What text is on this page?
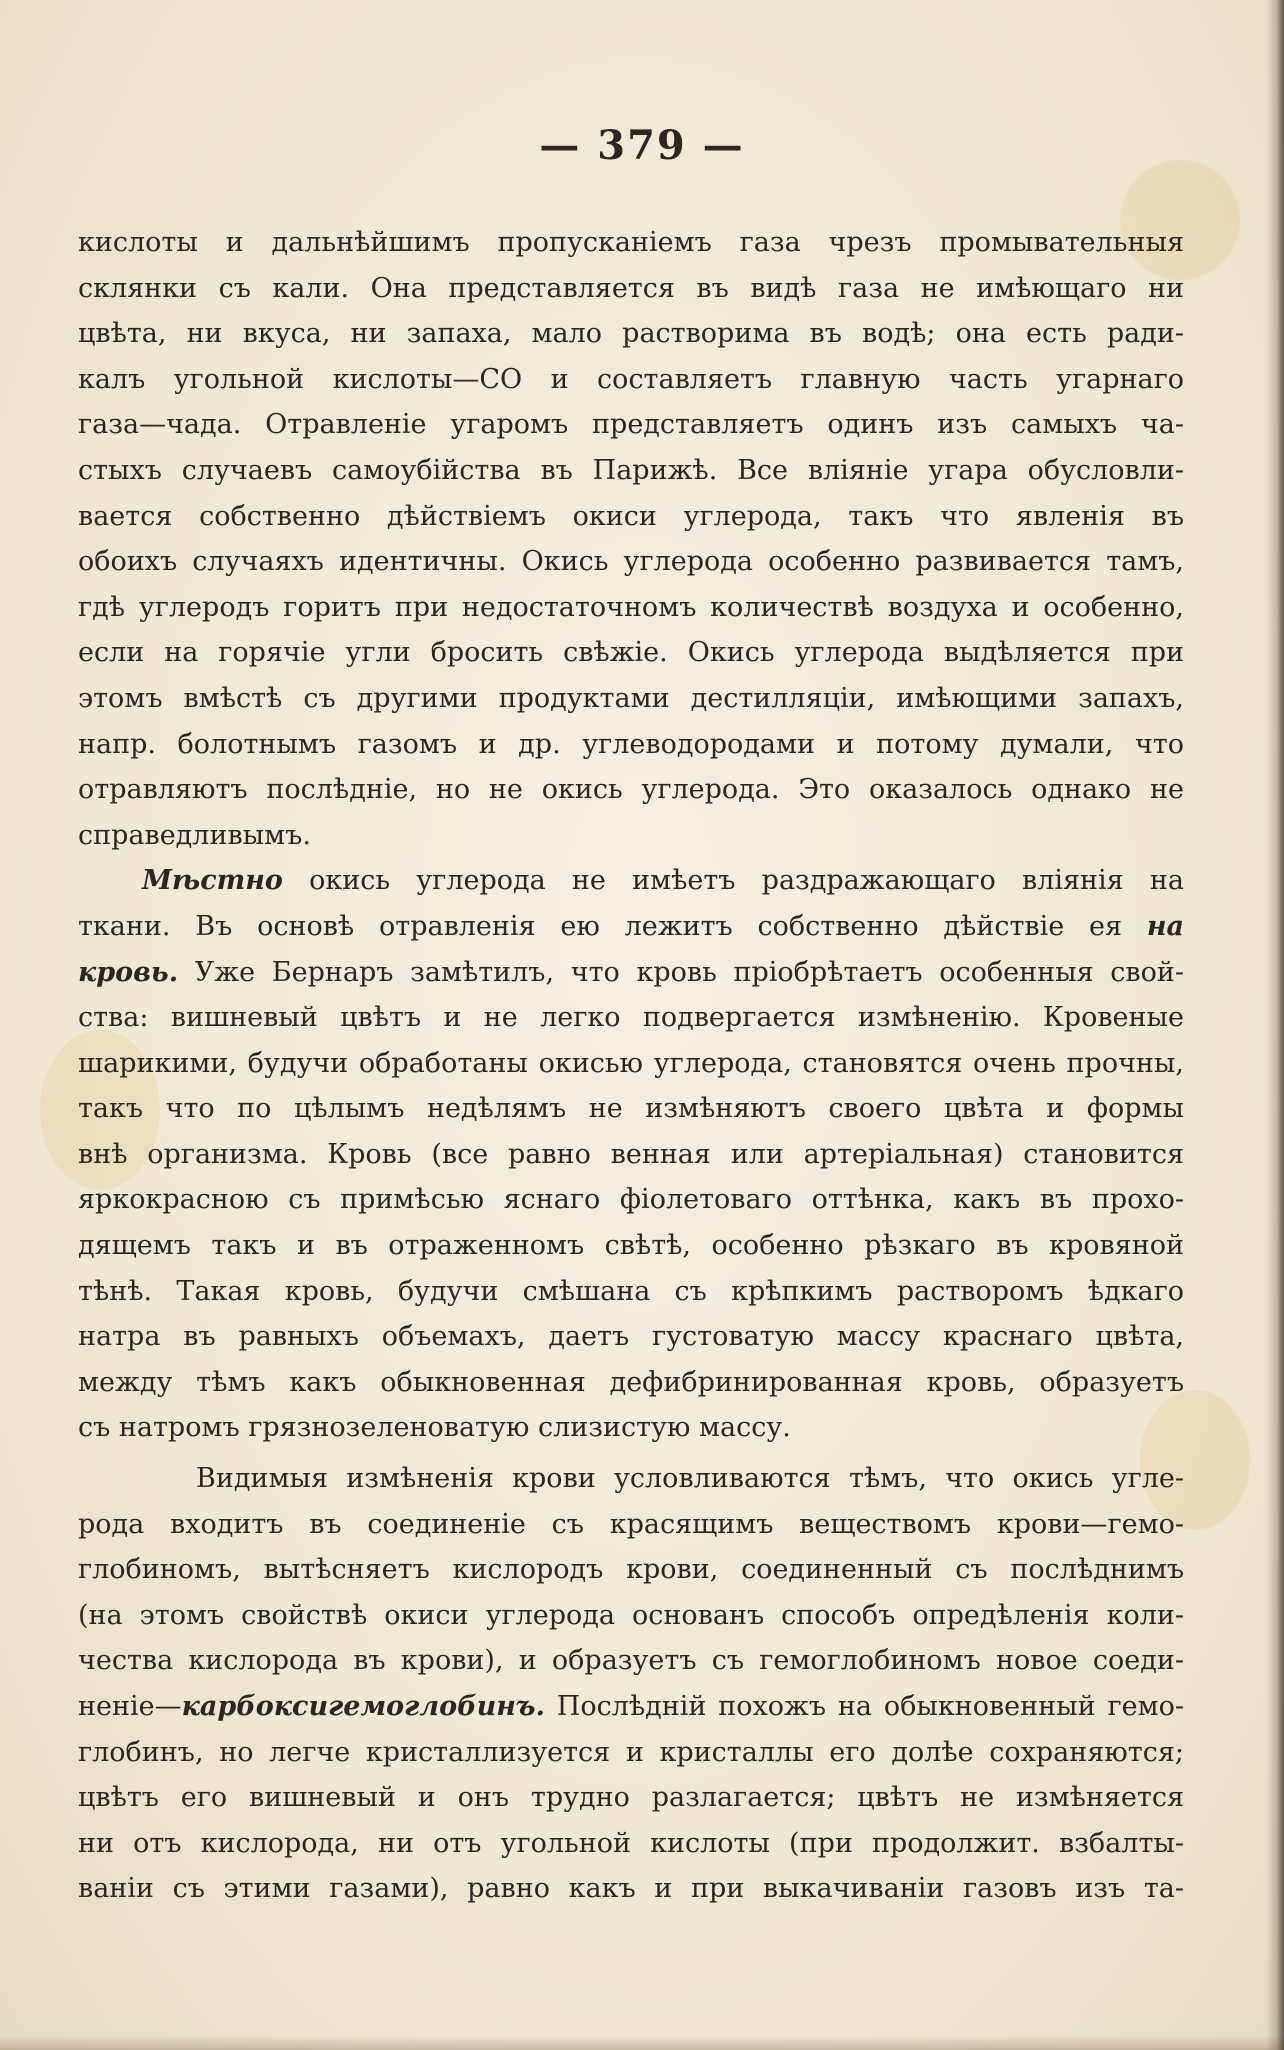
— 379 —
кислоты и дальнѣйшимъ пропусканіемъ газа чрезъ промывательныя
склянки съ кали. Она представляется въ видѣ газа не имѣющаго ни
цвѣта, ни вкуса, ни запаха, мало растворима въ водѣ; она есть ради-
калъ угольной кислоты—CO и составляетъ главную часть угарнаго
газа—чада. Отравленіе угаромъ представляетъ одинъ изъ самыхъ ча-
стыхъ случаевъ самоубійства въ Парижѣ. Все вліяніе угара обусловли-
вается собственно дѣйствіемъ окиси углерода, такъ что явленія въ
обоихъ случаяхъ идентичны. Окись углерода особенно развивается тамъ,
гдѣ углеродъ горитъ при недостаточномъ количествѣ воздуха и особенно,
если на горячіе угли бросить свѣжіе. Окись углерода выдѣляется при
этомъ вмѣстѣ съ другими продуктами дестилляціи, имѣющими запахъ,
напр. болотнымъ газомъ и др. углеводородами и потому думали, что
отравляютъ послѣдніе, но не окись углерода. Это оказалось однако не
справедливымъ.
Мѣстно окись углерода не имѣетъ раздражающаго вліянія на
ткани. Въ основѣ отравленія ею лежитъ собственно дѣйствіе ея на
кровь. Уже Бернаръ замѣтилъ, что кровь пріобрѣтаетъ особенныя свой-
ства: вишневый цвѣтъ и не легко подвергается измѣненію. Кровеные
шарикими, будучи обработаны окисью углерода, становятся очень прочны,
такъ что по цѣлымъ недѣлямъ не измѣняютъ своего цвѣта и формы
внѣ организма. Кровь (все равно венная или артеріальная) становится
яркокрасною съ примѣсью яснаго фіолетоваго оттѣнка, какъ въ прохо-
дящемъ такъ и въ отраженномъ свѣтѣ, особенно рѣзкаго въ кровяной
тѣнѣ. Такая кровь, будучи смѣшана съ крѣпкимъ растворомъ ѣдкаго
натра въ равныхъ объемахъ, даетъ густоватую массу краснаго цвѣта,
между тѣмъ какъ обыкновенная дефибринированная кровь, образуетъ
съ натромъ грязнозеленоватую слизистую массу.
Видимыя измѣненія крови условливаются тѣмъ, что окись угле-
рода входитъ въ соединеніе съ красящимъ веществомъ крови—гемо-
глобиномъ, вытѣсняетъ кислородъ крови, соединенный съ послѣднимъ
(на этомъ свойствѣ окиси углерода основанъ способъ опредѣленія коли-
чества кислорода въ крови), и образуетъ съ гемоглобиномъ новое соеди-
неніе—карбоксигемоглобинъ. Послѣдній похожъ на обыкновенный гемо-
глобинъ, но легче кристаллизуется и кристаллы его долѣе сохраняются;
цвѣтъ его вишневый и онъ трудно разлагается; цвѣтъ не измѣняется
ни отъ кислорода, ни отъ угольной кислоты (при продолжит. взбалты-
ваніи съ этими газами), равно какъ и при выкачиваніи газовъ изъ та-
